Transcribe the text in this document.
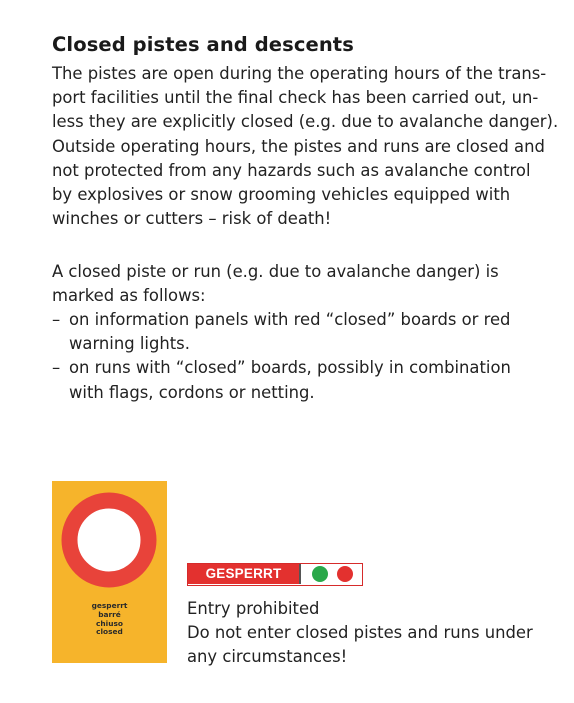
Closed pistes and descents

The pistes are open during the operating hours of the trans-
port facilities until the final check has been carried out, un-
less they are explicitly closed (e.g. due to avalanche danger).
Outside operating hours, the pistes and runs are closed and
not protected from any hazards such as avalanche control
by explosives or snow grooming vehicles equipped with
winches or cutters – risk of death!

A closed piste or run (e.g. due to avalanche danger) is
marked as follows:

– on information panels with red “closed” boards or red
warning lights.
– on runs with “closed” boards, possibly in combination
with flags, cordons or netting.
gesperrt
barré
chiuso
closed
GESPERRT

Entry prohibited
Do not enter closed pistes and runs under
any circumstances!
